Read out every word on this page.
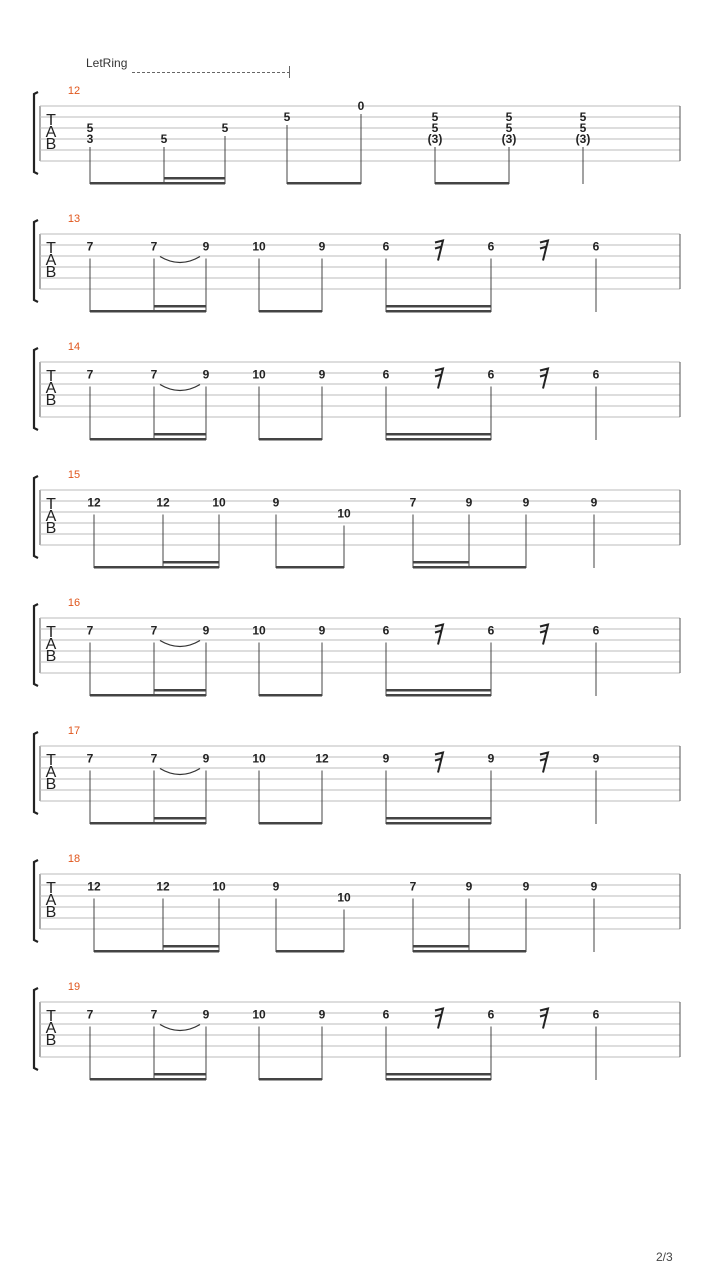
LetRing
T
A
B
12
3
5
5
5
5
0
(3)
5
5
(3)
5
5
(3)
5
5
T
A
B
13
7	7	9	10	9	6	6	6
T
A
B
14
7	7	9	10	9	6	6	6
T
A
B
15
12	12	10	9
10
7	9	9	9
T
A
B
16
7	7	9	10	9	6	6	6
T
A
B
17
7	7	9	10	12	9	9	9
T
A
B
18
12	12	10	9
10
7	9	9	9
T
A
B
19
7	7	9	10	9	6	6	6
2/3
